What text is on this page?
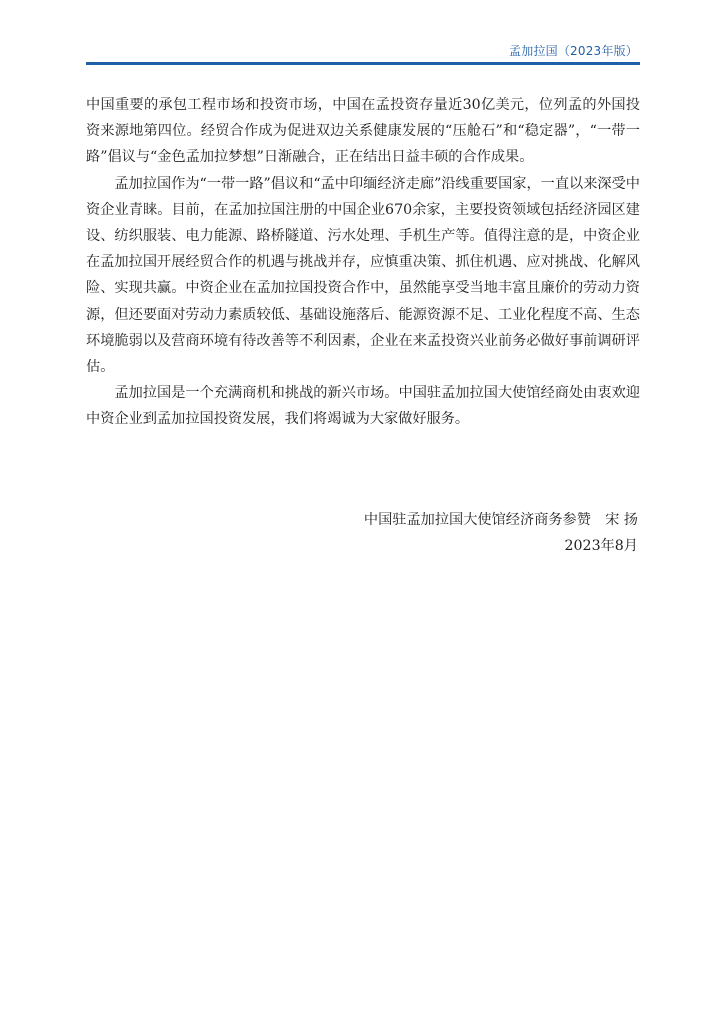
孟加拉国（2023年版）

中国重要的承包工程市场和投资市场，中国在孟投资存量近30亿美元，位列孟的外国投资来源地第四位。经贸合作成为促进双边关系健康发展的“压舱石”和“稳定器”，“一带一路”倡议与“金色孟加拉梦想”日渐融合，正在结出日益丰硕的合作成果。

孟加拉国作为“一带一路”倡议和“孟中印缅经济走廊”沿线重要国家，一直以来深受中资企业青睐。目前，在孟加拉国注册的中国企业670余家，主要投资领域包括经济园区建设、纺织服装、电力能源、路桥隧道、污水处理、手机生产等。值得注意的是，中资企业在孟加拉国开展经贸合作的机遇与挑战并存，应慎重决策、抓住机遇、应对挑战、化解风险、实现共赢。中资企业在孟加拉国投资合作中，虽然能享受当地丰富且廉价的劳动力资源，但还要面对劳动力素质较低、基础设施落后、能源资源不足、工业化程度不高、生态环境脆弱以及营商环境有待改善等不利因素，企业在来孟投资兴业前务必做好事前调研评估。

孟加拉国是一个充满商机和挑战的新兴市场。中国驻孟加拉国大使馆经商处由衷欢迎中资企业到孟加拉国投资发展，我们将竭诚为大家做好服务。

中国驻孟加拉国大使馆经济商务参赞　宋 扬
2023年8月
